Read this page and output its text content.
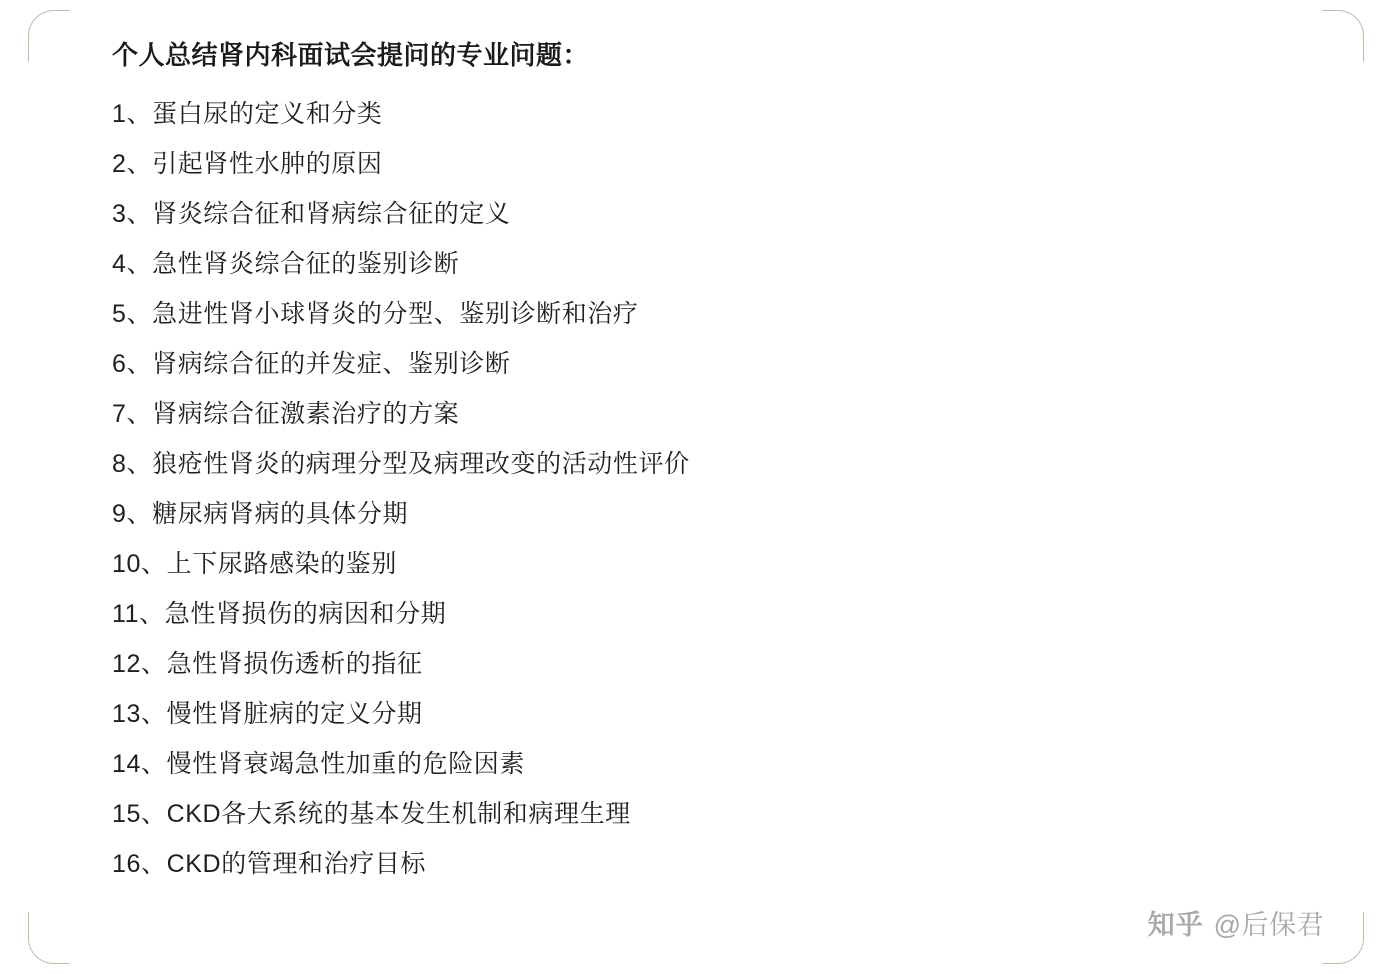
个人总结肾内科面试会提问的专业问题：
1、蛋白尿的定义和分类
2、引起肾性水肿的原因
3、肾炎综合征和肾病综合征的定义
4、急性肾炎综合征的鉴别诊断
5、急进性肾小球肾炎的分型、鉴别诊断和治疗
6、肾病综合征的并发症、鉴别诊断
7、肾病综合征激素治疗的方案
8、狼疮性肾炎的病理分型及病理改变的活动性评价
9、糖尿病肾病的具体分期
10、上下尿路感染的鉴别
11、急性肾损伤的病因和分期
12、急性肾损伤透析的指征
13、慢性肾脏病的定义分期
14、慢性肾衰竭急性加重的危险因素
15、CKD各大系统的基本发生机制和病理生理
16、CKD的管理和治疗目标
知乎 @后保君
